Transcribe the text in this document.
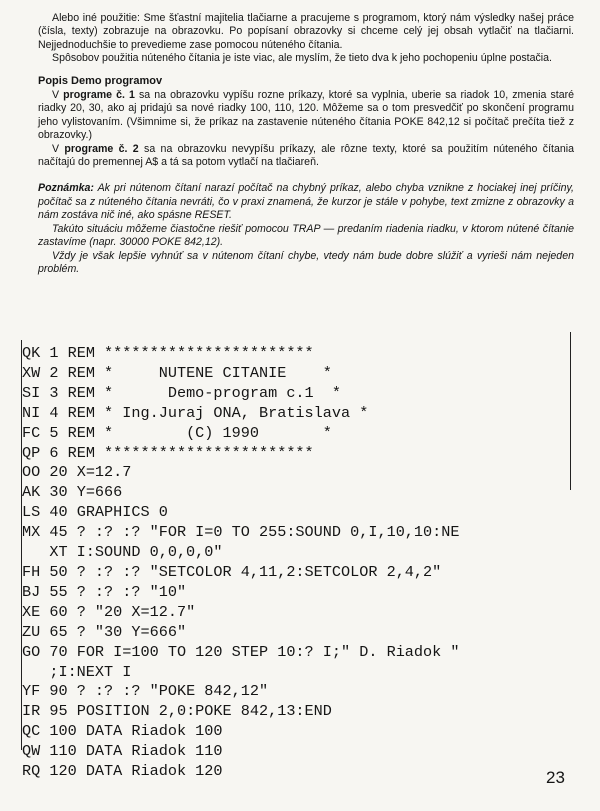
Alebo iné použitie: Sme šťastní majitelia tlačiarne a pracujeme s programom, ktorý nám výsledky našej práce (čísla, texty) zobrazuje na obrazovku. Po popísaní obrazovky si chceme celý jej obsah vytlačiť na tlačiarni. Nejjednoduchšie to prevedieme zase pomocou núteného čítania.

Spôsobov použitia núteného čítania je iste viac, ale myslím, že tieto dva k jeho pochopeniu úplne postačia.

Popis Demo programov

V programe č. 1 sa na obrazovku vypíšu rozne príkazy, ktoré sa vyplnia, uberie sa riadok 10, zmenia staré riadky 20, 30, ako aj pridajú sa nové riadky 100, 110, 120. Môžeme sa o tom presvedčiť po skončení programu jeho vylistovaním. (Všimnime si, že príkaz na zastavenie núteného čítania POKE 842,12 si počítač prečíta tiež z obrazovky.)

V programe č. 2 sa na obrazovku nevypíšu príkazy, ale rôzne texty, ktoré sa použitím núteného čítania načítajú do premennej A$ a tá sa potom vytlačí na tlačiareň.

Poznámka: Ak pri nútenom čítaní narazí počítač na chybný príkaz, alebo chyba vznikne z hociakej inej príčiny, počítač sa z núteného čítania nevráti, čo v praxi znamená, že kurzor je stále v pohybe, text zmizne z obrazovky a nám zostáva nič iné, ako spásne RESET.

Takúto situáciu môžeme čiastočne riešiť pomocou TRAP — predaním riadenia riadku, v ktorom nútené čítanie zastavíme (napr. 30000 POKE 842,12).

Vždy je však lepšie vyhnúť sa v nútenom čítaní chybe, vtedy nám bude dobre slúžiť a vyrieši nám nejeden problém.

QK 1 REM ***********************
XW 2 REM *     NUTENE CITANIE    *
SI 3 REM *      Demo-program c.1  *
NI 4 REM * Ing.Juraj ONA, Bratislava *
FC 5 REM *        (C) 1990       *
QP 6 REM ***********************
OO 20 X=12.7
AK 30 Y=666
LS 40 GRAPHICS 0
MX 45 ? :? :? "FOR I=0 TO 255:SOUND 0,I,10,10:NE
XT I:SOUND 0,0,0,0"
FH 50 ? :? :? "SETCOLOR 4,11,2:SETCOLOR 2,4,2"
BJ 55 ? :? :? "10"
XE 60 ? "20 X=12.7"
ZU 65 ? "30 Y=666"
GO 70 FOR I=100 TO 120 STEP 10:? I;" D. Riadok "
;I:NEXT I
YF 90 ? :? :? "POKE 842,12"
IR 95 POSITION 2,0:POKE 842,13:END
QC 100 DATA Riadok 100
QW 110 DATA Riadok 110
RQ 120 DATA Riadok 120	23
